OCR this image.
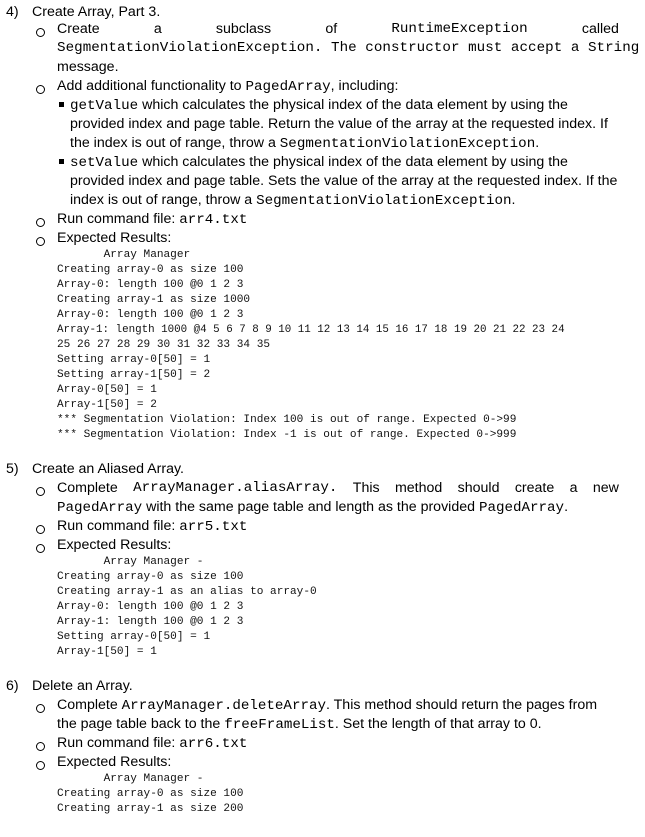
4) Create Array, Part 3.
Create	a	subclass	of	RuntimeException	called
SegmentationViolationException. The constructor must accept a String
message.
Add additional functionality to PagedArray, including:
getValue which calculates the physical index of the data element by using the
provided index and page table. Return the value of the array at the requested index. If
the index is out of range, throw a SegmentationViolationException.
setValue which calculates the physical index of the data element by using the
provided index and page table. Sets the value of the array at the requested index. If the
index is out of range, throw a SegmentationViolationException.
Run command file: arr4.txt
Expected Results:
Array Manager
Creating array-0 as size 100
Array-0: length 100 @0 1 2 3
Creating array-1 as size 1000
Array-0: length 100 @0 1 2 3
Array-1: length 1000 @4 5 6 7 8 9 10 11 12 13 14 15 16 17 18 19 20 21 22 23 24
25 26 27 28 29 30 31 32 33 34 35
Setting array-0[50] = 1
Setting array-1[50] = 2
Array-0[50] = 1
Array-1[50] = 2
*** Segmentation Violation: Index 100 is out of range. Expected 0->99
*** Segmentation Violation: Index -1 is out of range. Expected 0->999
5) Create an Aliased Array.
Complete ArrayManager.aliasArray. This method should create a new
PagedArray with the same page table and length as the provided PagedArray.
Run command file: arr5.txt
Expected Results:
Array Manager -
Creating array-0 as size 100
Creating array-1 as an alias to array-0
Array-0: length 100 @0 1 2 3
Array-1: length 100 @0 1 2 3
Setting array-0[50] = 1
Array-1[50] = 1
6) Delete an Array.
Complete ArrayManager.deleteArray. This method should return the pages from
the page table back to the freeFrameList. Set the length of that array to 0.
Run command file: arr6.txt
Expected Results:
Array Manager -
Creating array-0 as size 100
Creating array-1 as size 200
